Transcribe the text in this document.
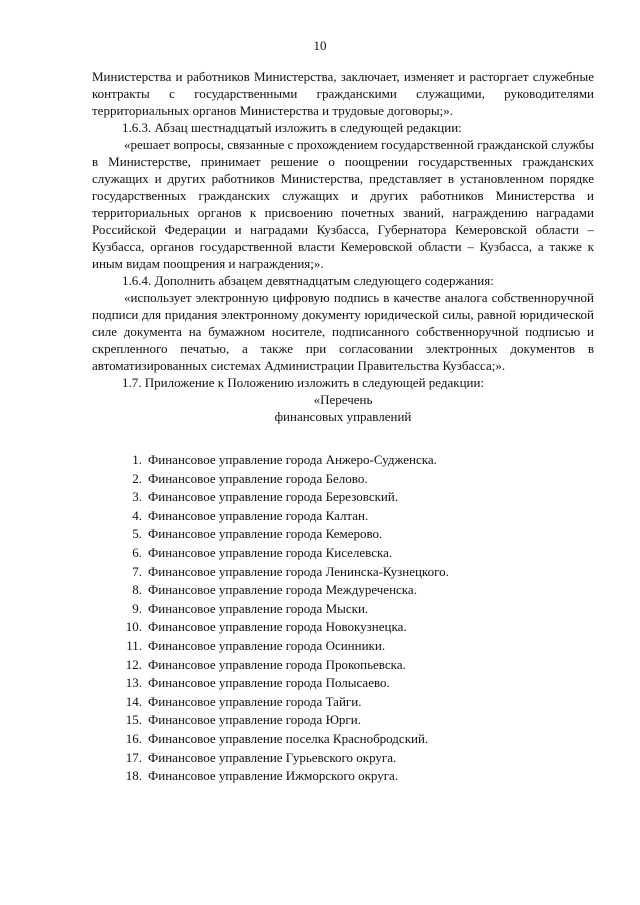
10

Министерства и работников Министерства, заключает, изменяет и расторгает служебные контракты с государственными гражданскими служащими, руководителями территориальных органов Министерства и трудовые договоры;».

1.6.3. Абзац шестнадцатый изложить в следующей редакции:

«решает вопросы, связанные с прохождением государственной гражданской службы в Министерстве, принимает решение о поощрении государственных гражданских служащих и других работников Министерства, представляет в установленном порядке государственных гражданских служащих и других работников Министерства и территориальных органов к присвоению почетных званий, награждению наградами Российской Федерации и наградами Кузбасса, Губернатора Кемеровской области – Кузбасса, органов государственной власти Кемеровской области – Кузбасса, а также к иным видам поощрения и награждения;».

1.6.4. Дополнить абзацем девятнадцатым следующего содержания:

«использует электронную цифровую подпись в качестве аналога собственноручной подписи для придания электронному документу юридической силы, равной юридической силе документа на бумажном носителе, подписанного собственноручной подписью и скрепленного печатью, а также при согласовании электронных документов в автоматизированных системах Администрации Правительства Кузбасса;».

1.7. Приложение к Положению изложить в следующей редакции:

«Перечень

финансовых управлений

1. Финансовое управление города Анжеро-Судженска.
2. Финансовое управление города Белово.
3. Финансовое управление города Березовский.
4. Финансовое управление города Калтан.
5. Финансовое управление города Кемерово.
6. Финансовое управление города Киселевска.
7. Финансовое управление города Ленинска-Кузнецкого.
8. Финансовое управление города Междуреченска.
9. Финансовое управление города Мыски.
10. Финансовое управление города Новокузнецка.
11. Финансовое управление города Осинники.
12. Финансовое управление города Прокопьевска.
13. Финансовое управление города Полысаево.
14. Финансовое управление города Тайги.
15. Финансовое управление города Юрги.
16. Финансовое управление поселка Краснобродский.
17. Финансовое управление Гурьевского округа.
18. Финансовое управление Ижморского округа.
